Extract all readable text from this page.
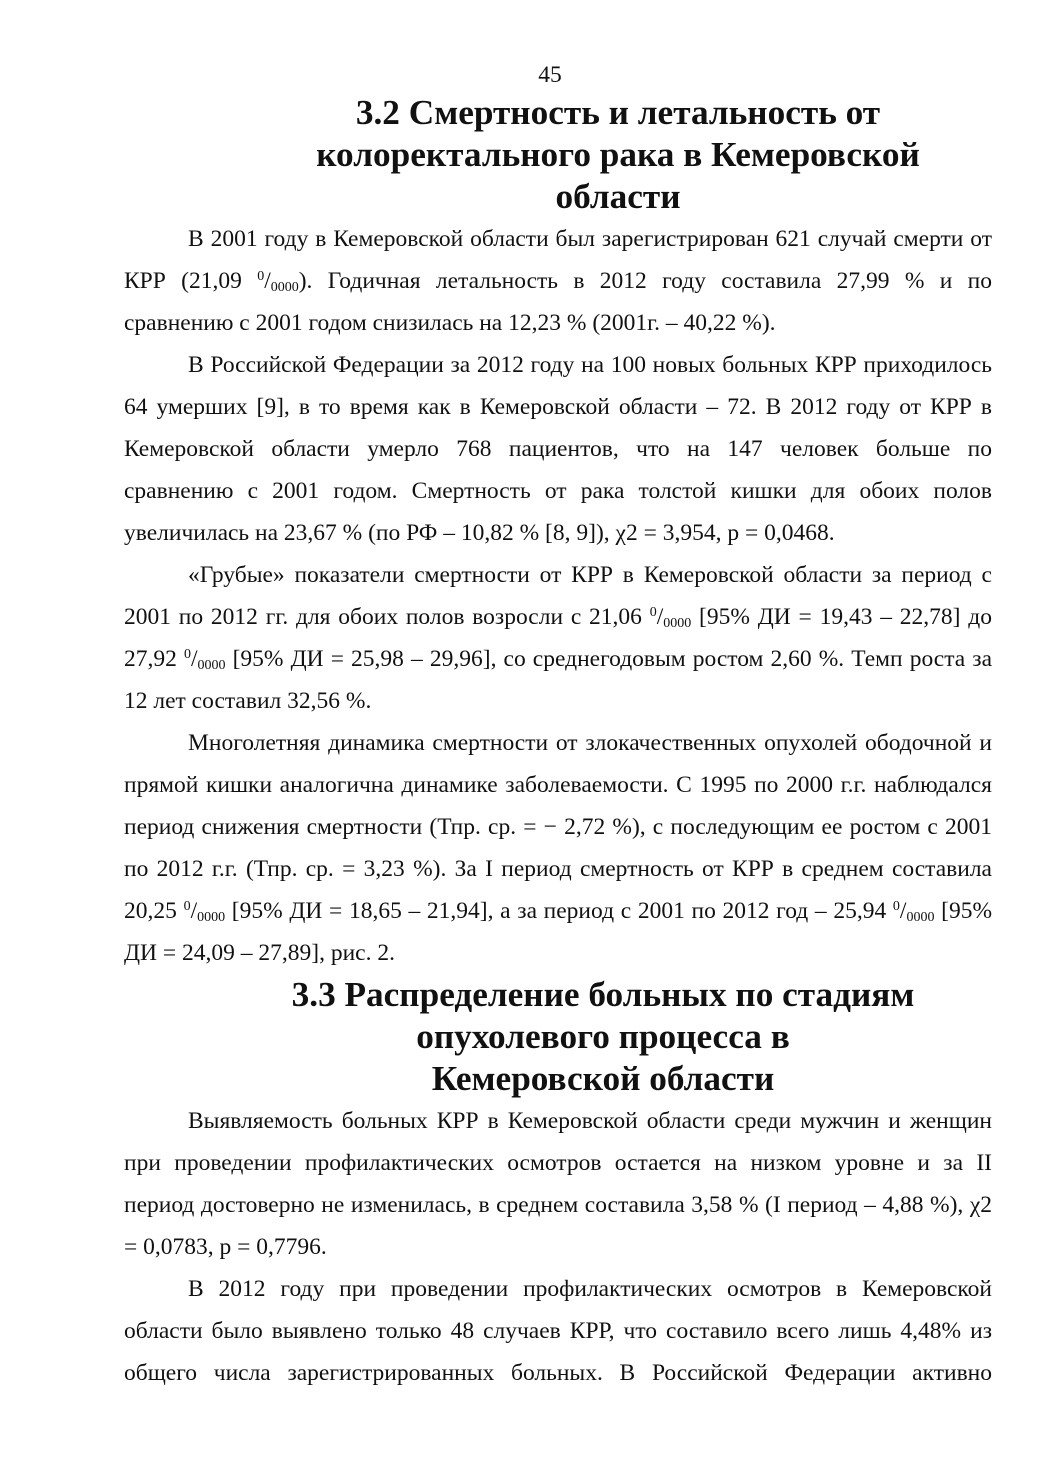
45
3.2 Смертность и летальность от колоректального рака в Кемеровской
области

В 2001 году в Кемеровской области был зарегистрирован 621 случай смерти от КРР (21,09 $^0/_{0000}$). Годичная летальность в 2012 году составила 27,99 % и по сравнению с 2001 годом снизилась на 12,23 % (2001г. – 40,22 %).

В Российской Федерации за 2012 году на 100 новых больных КРР приходилось 64 умерших [9], в то время как в Кемеровской области – 72. В 2012 году от КРР в Кемеровской области умерло 768 пациентов, что на 147 человек больше по сравнению с 2001 годом. Смертность от рака толстой кишки для обоих полов увеличилась на 23,67 % (по РФ – 10,82 % [8, 9]), χ2 = 3,954, p = 0,0468.

«Грубые» показатели смертности от КРР в Кемеровской области за период с 2001 по 2012 гг. для обоих полов возросли с 21,06 $^0/_{0000}$ [95% ДИ = 19,43 – 22,78] до 27,92 $^0/_{0000}$ [95% ДИ = 25,98 – 29,96], со среднегодовым ростом 2,60 %. Темп роста за 12 лет составил 32,56 %.

Многолетняя динамика смертности от злокачественных опухолей ободочной и прямой кишки аналогична динамике заболеваемости. С 1995 по 2000 г.г. наблюдался период снижения смертности (Тпр. ср. = − 2,72 %), с последующим ее ростом с 2001 по 2012 г.г. (Тпр. ср. = 3,23 %). За I период смертность от КРР в среднем составила 20,25 $^0/_{0000}$ [95% ДИ = 18,65 – 21,94], а за период с 2001 по 2012 год – 25,94 $^0/_{0000}$ [95% ДИ = 24,09 – 27,89], рис. 2.

3.3 Распределение больных по стадиям опухолевого процесса в
Кемеровской области

Выявляемость больных КРР в Кемеровской области среди мужчин и женщин при проведении профилактических осмотров остается на низком уровне и за II период достоверно не изменилась, в среднем составила 3,58 % (I период – 4,88 %), χ2 = 0,0783, p = 0,7796.

В 2012 году при проведении профилактических осмотров в Кемеровской области было выявлено только 48 случаев КРР, что составило всего лишь 4,48% из общего числа зарегистрированных больных. В Российской Федерации активно
